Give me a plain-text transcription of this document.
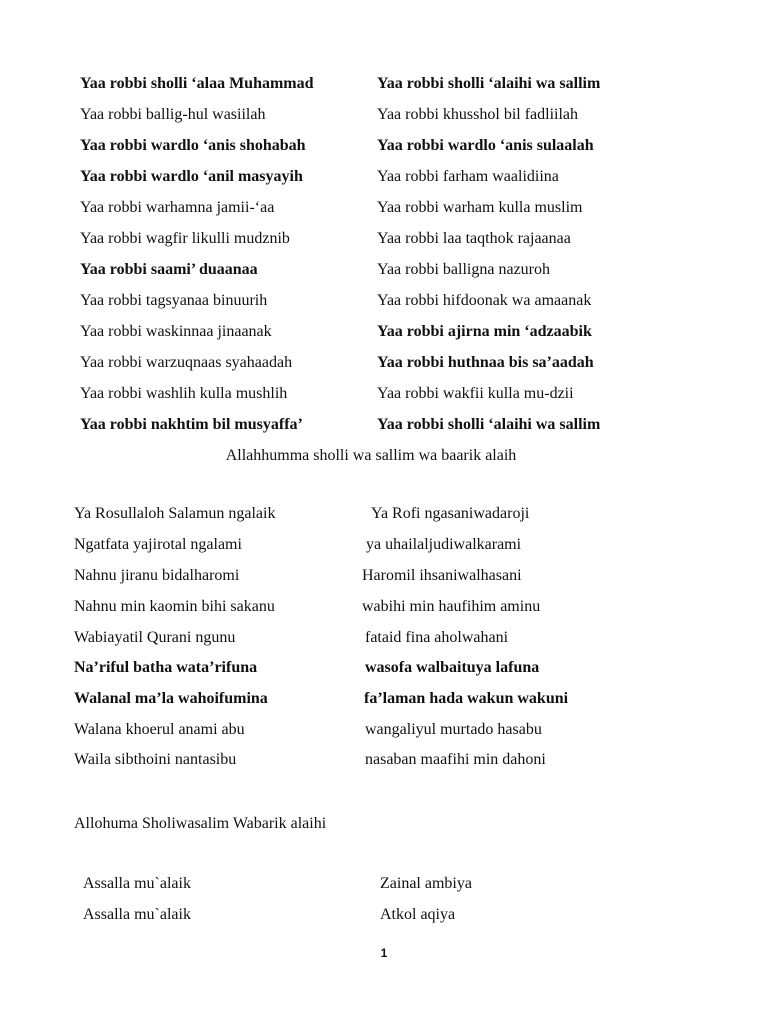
Yaa robbi sholli ‘alaa Muhammad	Yaa robbi sholli ‘alaihi wa sallim
Yaa robbi ballig-hul wasiilah	Yaa robbi khusshol bil fadliilah
Yaa robbi wardlo ‘anis shohabah	Yaa robbi wardlo ‘anis sulaalah
Yaa robbi wardlo ‘anil masyayih	Yaa robbi farham waalidiina
Yaa robbi warhamna jamii-‘aa	Yaa robbi warham kulla muslim
Yaa robbi wagfir likulli mudznib	Yaa robbi laa taqthok rajaanaa
Yaa robbi saami’ duaanaa	Yaa robbi balligna nazuroh
Yaa robbi tagsyanaa binuurih	Yaa robbi hifdoonak wa amaanak
Yaa robbi waskinnaa jinaanak	Yaa robbi ajirna min ‘adzaabik
Yaa robbi warzuqnaas syahaadah	Yaa robbi huthnaa bis sa’aadah
Yaa robbi washlih kulla mushlih	Yaa robbi wakfii kulla mu-dzii
Yaa robbi nakhtim bil musyaffa’	Yaa robbi sholli ‘alaihi wa sallim
Allahhumma sholli wa sallim wa baarik alaih
Ya Rosullaloh Salamun ngalaik	Ya Rofi ngasaniwadaroji
Ngatfata yajirotal ngalami	ya uhailaljudiwalkarami
Nahnu jiranu bidalharomi	Haromil ihsaniwalhasani
Nahnu min kaomin bihi sakanu	wabihi min haufihim aminu
Wabiayatil Qurani ngunu	fataid fina aholwahani
Na’riful batha wata’rifuna	wasofa walbaituya lafuna
Walanal ma’la wahoifumina	fa’laman hada wakun wakuni
Walana khoerul anami abu	wangaliyul murtado hasabu
Waila sibthoini nantasibu	nasaban maafihi min dahoni
Allohuma Sholiwasalim Wabarik alaihi
Assalla mu`alaik	Zainal ambiya
Assalla mu`alaik	Atkol aqiya
1
